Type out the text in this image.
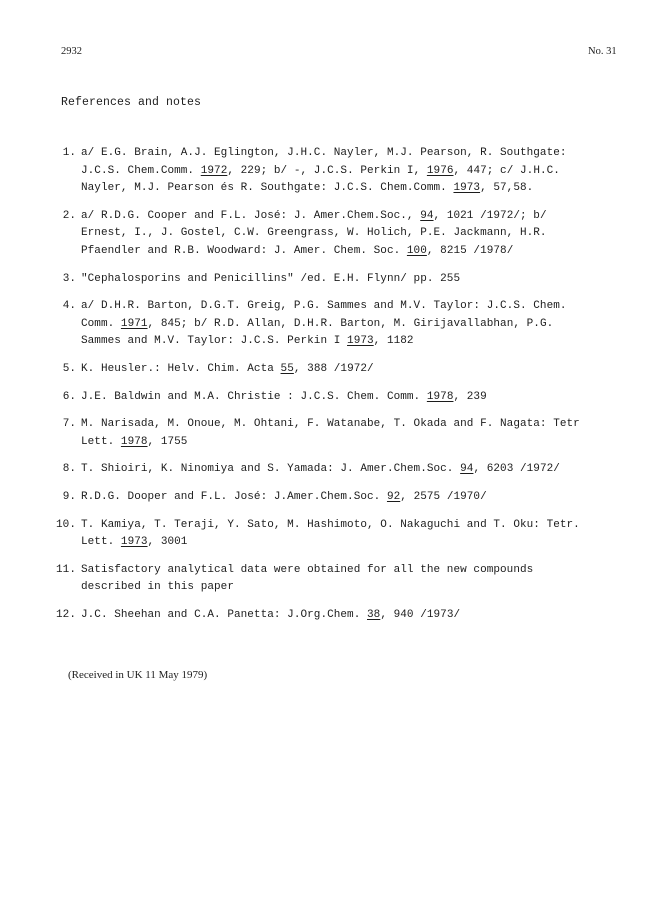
2932	No. 31
References and notes
1. a/ E.G. Brain, A.J. Eglington, J.H.C. Nayler, M.J. Pearson, R. Southgate:
J.C.S. Chem.Comm. 1972, 229; b/ -, J.C.S. Perkin I, 1976, 447; c/ J.H.C.
Nayler, M.J. Pearson és R. Southgate: J.C.S. Chem.Comm. 1973, 57,58.
2. a/ R.D.G. Cooper and F.L. José: J. Amer.Chem.Soc., 94, 1021 /1972/; b/
Ernest, I., J. Gostel, C.W. Greengrass, W. Holich, P.E. Jackmann, H.R.
Pfaendler and R.B. Woodward: J. Amer. Chem. Soc. 100, 8215 /1978/
3. "Cephalosporins and Penicillins" /ed. E.H. Flynn/ pp. 255
4. a/ D.H.R. Barton, D.G.T. Greig, P.G. Sammes and M.V. Taylor: J.C.S. Chem.
Comm. 1971, 845; b/ R.D. Allan, D.H.R. Barton, M. Girijavallabhan, P.G.
Sammes and M.V. Taylor: J.C.S. Perkin I 1973, 1182
5. K. Heusler.: Helv. Chim. Acta 55, 388 /1972/
6. J.E. Baldwin and M.A. Christie : J.C.S. Chem. Comm. 1978, 239
7. M. Narisada, M. Onoue, M. Ohtani, F. Watanabe, T. Okada and F. Nagata: Tetr
Lett. 1978, 1755
8. T. Shioiri, K. Ninomiya and S. Yamada: J. Amer.Chem.Soc. 94, 6203 /1972/
9. R.D.G. Dooper and F.L. José: J.Amer.Chem.Soc. 92, 2575 /1970/
10. T. Kamiya, T. Teraji, Y. Sato, M. Hashimoto, O. Nakaguchi and T. Oku: Tetr.
Lett. 1973, 3001
11. Satisfactory analytical data were obtained for all the new compounds
described in this paper
12. J.C. Sheehan and C.A. Panetta: J.Org.Chem. 38, 940 /1973/
(Received in UK 11 May 1979)
